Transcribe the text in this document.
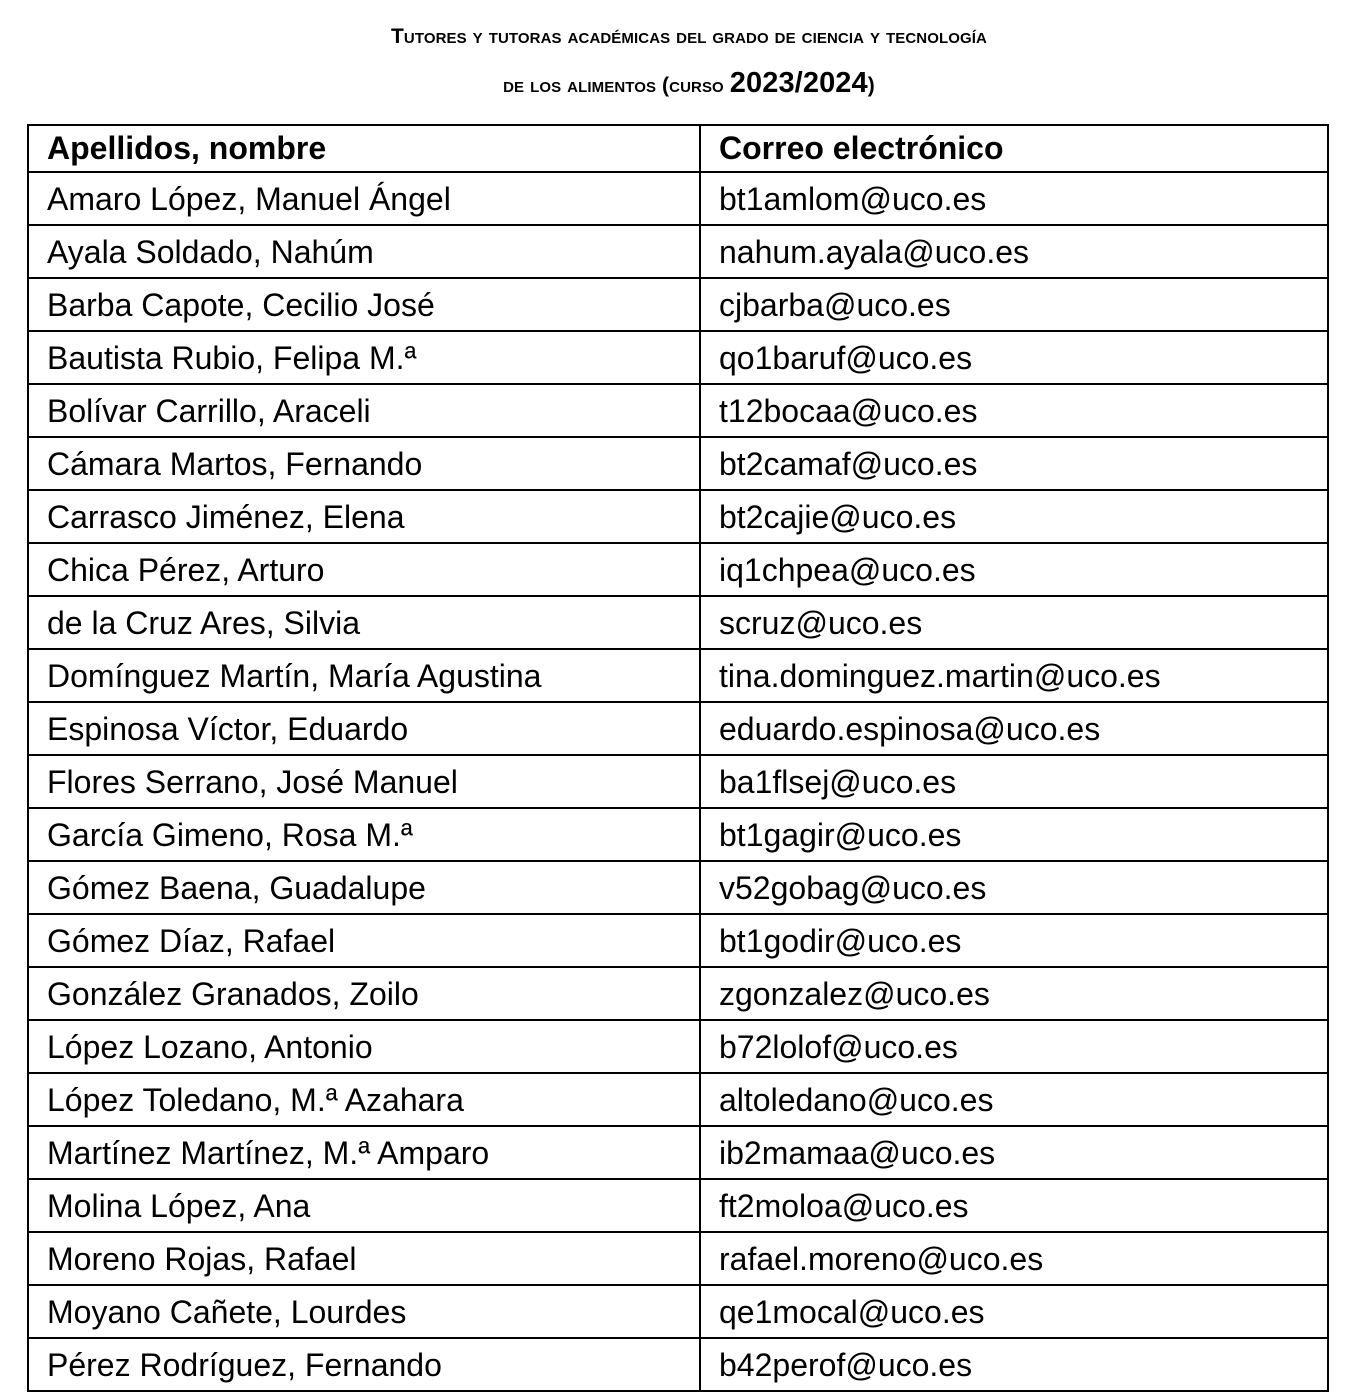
Tutores y tutoras académicas del grado de ciencia y tecnología
de los alimentos (curso 2023/2024)
Apellidos, nombre	Correo electrónico
Amaro López, Manuel Ángel	bt1amlom@uco.es
Ayala Soldado, Nahúm	nahum.ayala@uco.es
Barba Capote, Cecilio José	cjbarba@uco.es
Bautista Rubio, Felipa M.ª	qo1baruf@uco.es
Bolívar Carrillo, Araceli	t12bocaa@uco.es
Cámara Martos, Fernando	bt2camaf@uco.es
Carrasco Jiménez, Elena	bt2cajie@uco.es
Chica Pérez, Arturo	iq1chpea@uco.es
de la Cruz Ares, Silvia	scruz@uco.es
Domínguez Martín, María Agustina	tina.dominguez.martin@uco.es
Espinosa Víctor, Eduardo	eduardo.espinosa@uco.es
Flores Serrano, José Manuel	ba1flsej@uco.es
García Gimeno, Rosa M.ª	bt1gagir@uco.es
Gómez Baena, Guadalupe	v52gobag@uco.es
Gómez Díaz, Rafael	bt1godir@uco.es
González Granados, Zoilo	zgonzalez@uco.es
López Lozano, Antonio	b72lolof@uco.es
López Toledano, M.ª Azahara	altoledano@uco.es
Martínez Martínez, M.ª Amparo	ib2mamaa@uco.es
Molina López, Ana	ft2moloa@uco.es
Moreno Rojas, Rafael	rafael.moreno@uco.es
Moyano Cañete, Lourdes	qe1mocal@uco.es
Pérez Rodríguez, Fernando	b42perof@uco.es
